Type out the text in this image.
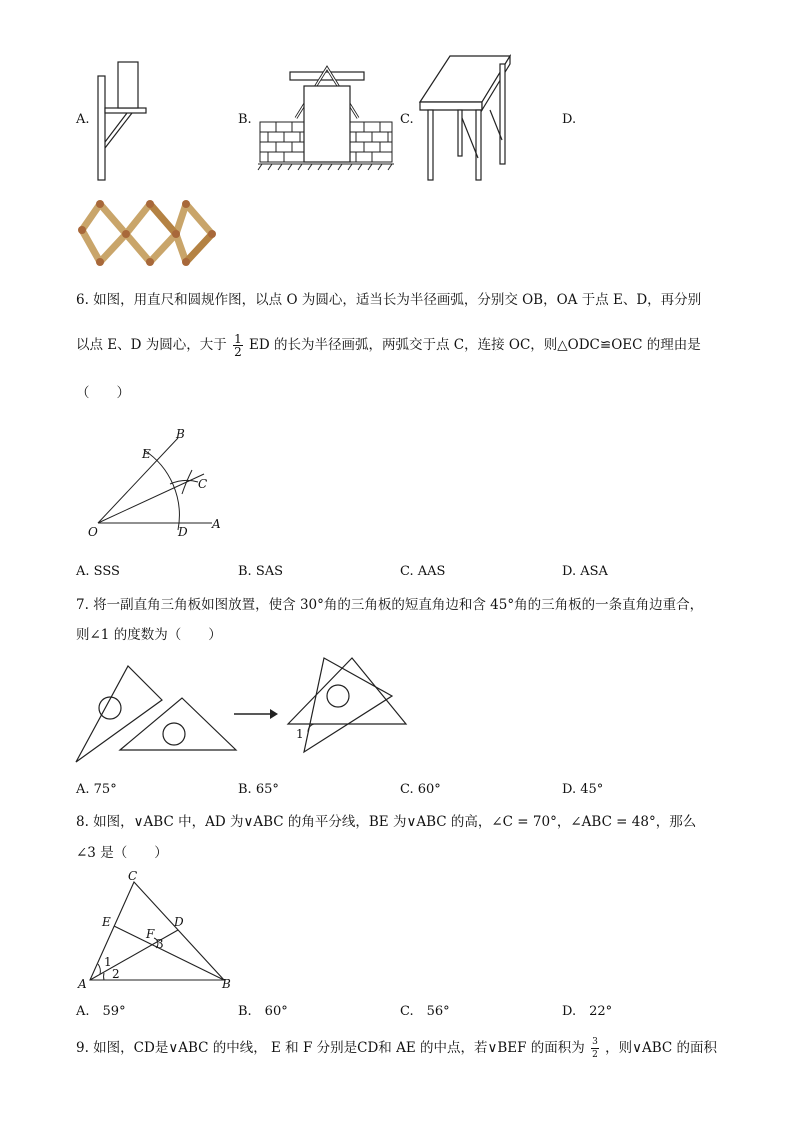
A.	B.	C.	D.
6. 如图，用直尺和圆规作图，以点 O 为圆心，适当长为半径画弧，分别交 OB，OA 于点 E、D，再分别
以点 E、D 为圆心，大于 $\frac{1}{2}$ ED 的长为半径画弧，两弧交于点 C，连接 OC，则△ODC≌OEC 的理由是
（　　）
B
E
C
O	D
A
A. SSS	B. SAS	C. AAS	D. ASA
7. 将一副直角三角板如图放置，使含 30°角的三角板的短直角边和含 45°角的三角板的一条直角边重合，
则∠1 的度数为（　　）
1
A. 75°	B. 65°	C. 60°	D. 45°
8. 如图，∨ABC 中，AD 为∨ABC 的角平分线，BE 为∨ABC 的高，∠C = 70°，∠ABC = 48°，那么
∠3 是（　　）
C
E	D
F
3
1
2
A	B
A.　59°	B.　60°	C.　56°	D.　22°
9. 如图，CD是∨ABC 的中线， E 和 F 分别是CD和 AE 的中点，若∨BEF 的面积为 $\frac{3}{2}$ ，则∨ABC 的面积
